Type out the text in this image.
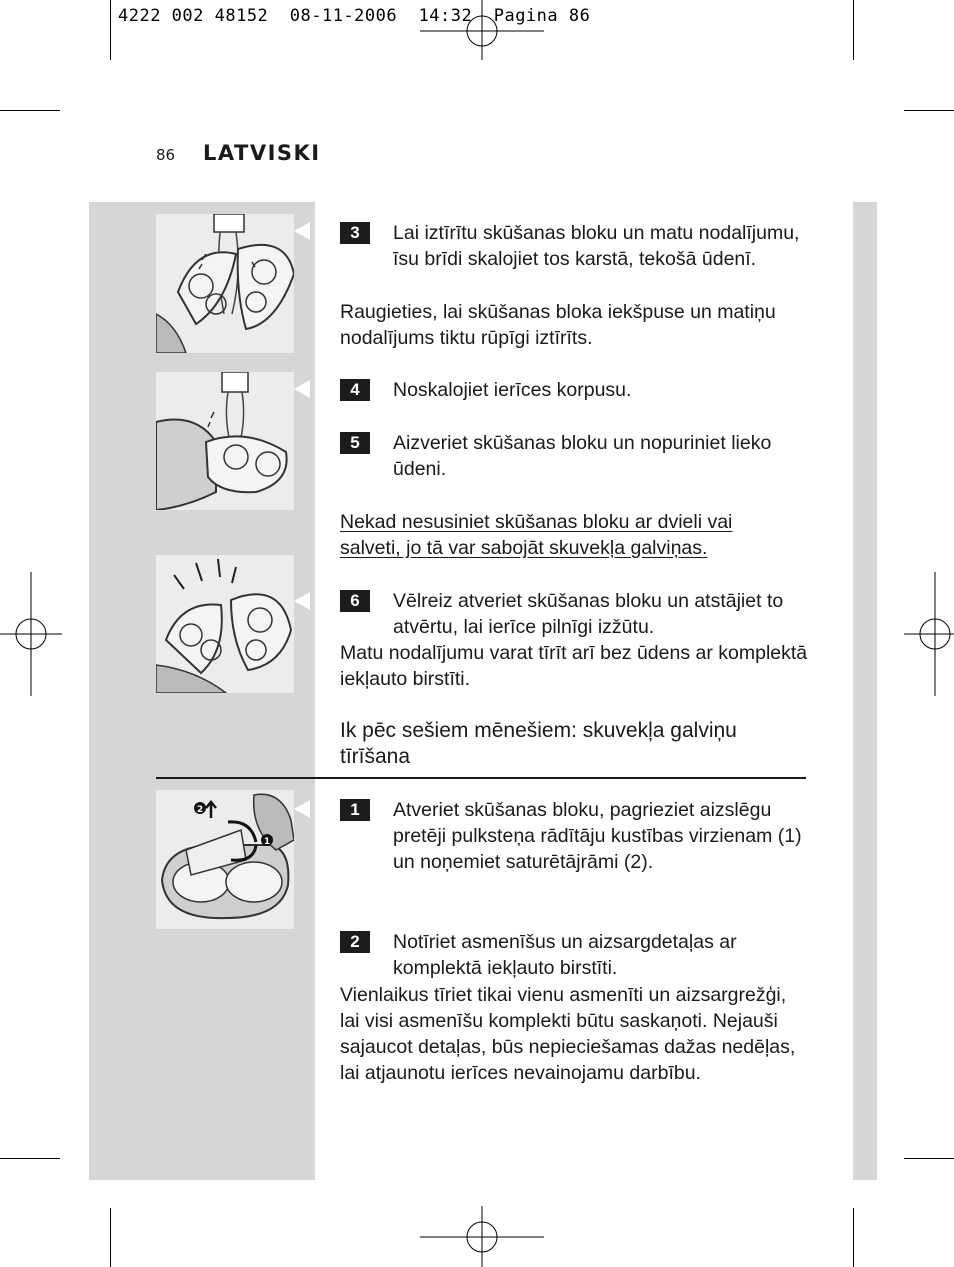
4222 002 48152  08-11-2006  14:32  Pagina 86
86 LATVISKI
2
1
3	Lai iztīrītu skūšanas bloku un matu nodalījumu, īsu brīdi skalojiet tos karstā, tekošā ūdenī.
Raugieties, lai skūšanas bloka iekšpuse un matiņu nodalījums tiktu rūpīgi iztīrīts.
4	Noskalojiet ierīces korpusu.
5	Aizveriet skūšanas bloku un nopuriniet lieko ūdeni.
Nekad nesusiniet skūšanas bloku ar dvieli vai salveti, jo tā var sabojāt skuvekļa galviņas.
6	Vēlreiz atveriet skūšanas bloku un atstājiet to atvērtu, lai ierīce pilnīgi izžūtu.
Matu nodalījumu varat tīrīt arī bez ūdens ar komplektā iekļauto birstīti.
Ik pēc sešiem mēnešiem: skuvekļa galviņu tīrīšana
1	Atveriet skūšanas bloku, pagrieziet aizslēgu pretēji pulksteņa rādītāju kustības virzienam (1) un noņemiet saturētājrāmi (2).
2	Notīriet asmenīšus un aizsargdetaļas ar komplektā iekļauto birstīti.
Vienlaikus tīriet tikai vienu asmenīti un aizsargrežģi, lai visi asmenīšu komplekti būtu saskaņoti. Nejauši sajaucot detaļas, būs nepieciešamas dažas nedēļas, lai atjaunotu ierīces nevainojamu darbību.
